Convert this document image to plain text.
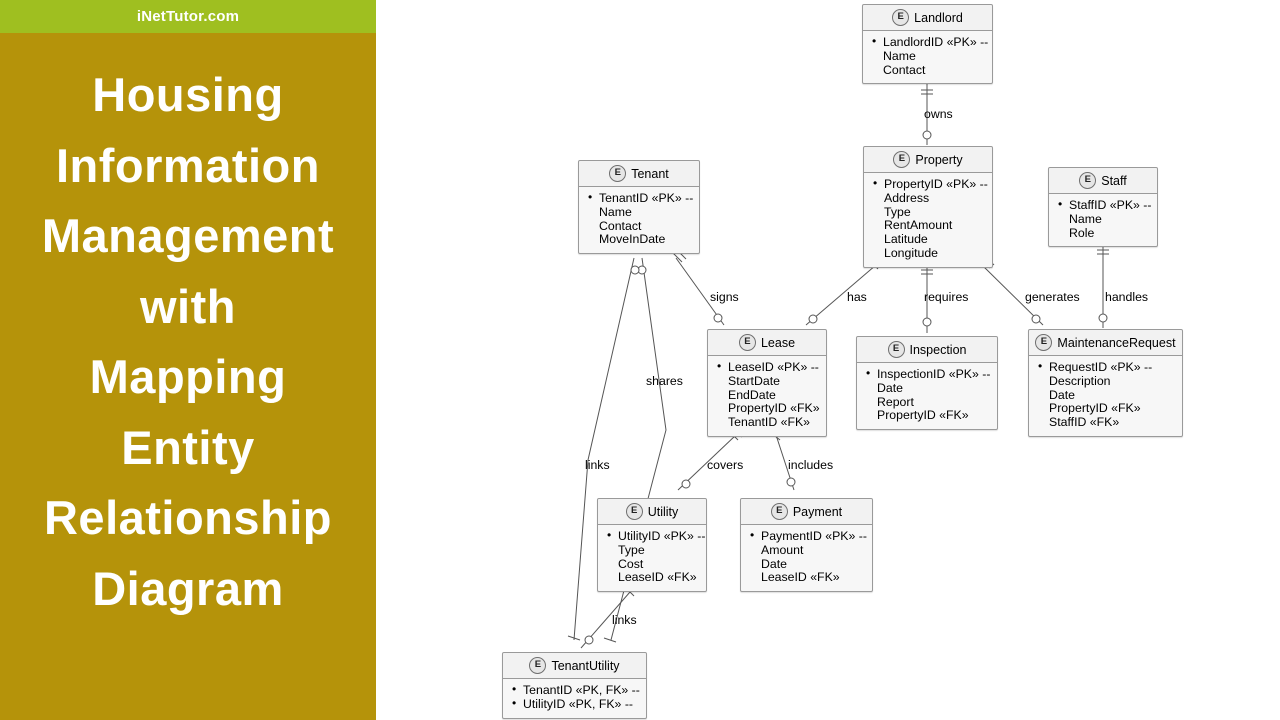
iNetTutor.com
Housing
Information
Management
with
Mapping
Entity
Relationship
Diagram
E Landlord
• LandlordID «PK» --
Name
Contact
E Tenant
• TenantID «PK» --
Name
Contact
MoveInDate
E Property
• PropertyID «PK» --
Address
Type
RentAmount
Latitude
Longitude
E Staff
• StaffID «PK» --
Name
Role
E Lease
• LeaseID «PK» --
StartDate
EndDate
PropertyID «FK»
TenantID «FK»
E Inspection
• InspectionID «PK» --
Date
Report
PropertyID «FK»
E MaintenanceRequest
• RequestID «PK» --
Description
Date
PropertyID «FK»
StaffID «FK»
E Utility
• UtilityID «PK» --
Type
Cost
LeaseID «FK»
E Payment
• PaymentID «PK» --
Amount
Date
LeaseID «FK»
E TenantUtility
• TenantID «PK, FK» --
• UtilityID «PK, FK» --
owns
signs
shares
links
has	requires	generates handles
covers	includes
links
